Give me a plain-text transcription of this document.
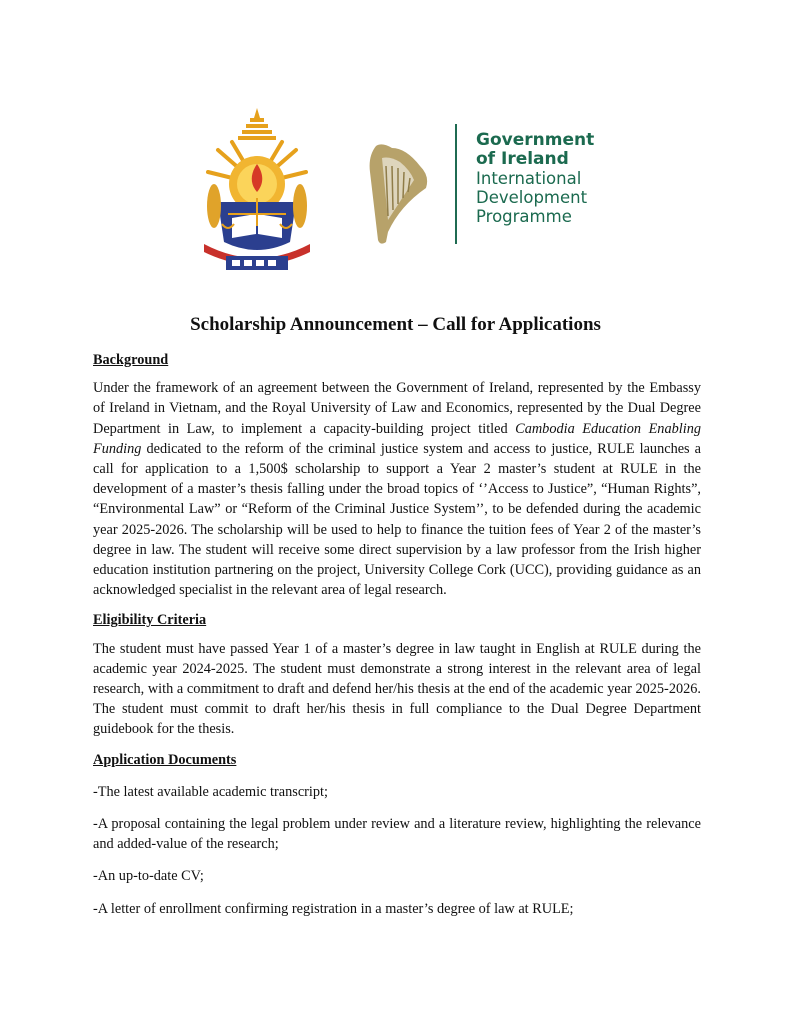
Government
of Ireland
International
Development
Programme
Scholarship Announcement – Call for Applications
Background

Under the framework of an agreement between the Government of Ireland, represented by the Embassy of Ireland in Vietnam, and the Royal University of Law and Economics, represented by the Dual Degree Department in Law, to implement a capacity-building project titled Cambodia Education Enabling Funding dedicated to the reform of the criminal justice system and access to justice, RULE launches a call for application to a 1,500$ scholarship to support a Year 2 master’s student at RULE in the development of a master’s thesis falling under the broad topics of ‘’Access to Justice”, “Human Rights”, “Environmental Law” or “Reform of the Criminal Justice System’’, to be defended during the academic year 2025-2026. The scholarship will be used to help to finance the tuition fees of Year 2 of the master’s degree in law. The student will receive some direct supervision by a law professor from the Irish higher education institution partnering on the project, University College Cork (UCC), providing guidance as an acknowledged specialist in the relevant area of legal research.

Eligibility Criteria

The student must have passed Year 1 of a master’s degree in law taught in English at RULE during the academic year 2024-2025. The student must demonstrate a strong interest in the relevant area of legal research, with a commitment to draft and defend her/his thesis at the end of the academic year 2025-2026. The student must commit to draft her/his thesis in full compliance to the Dual Degree Department guidebook for the thesis.

Application Documents

-The latest available academic transcript;

-A proposal containing the legal problem under review and a literature review, highlighting the relevance and added-value of the research;

-An up-to-date CV;

-A letter of enrollment confirming registration in a master’s degree of law at RULE;
